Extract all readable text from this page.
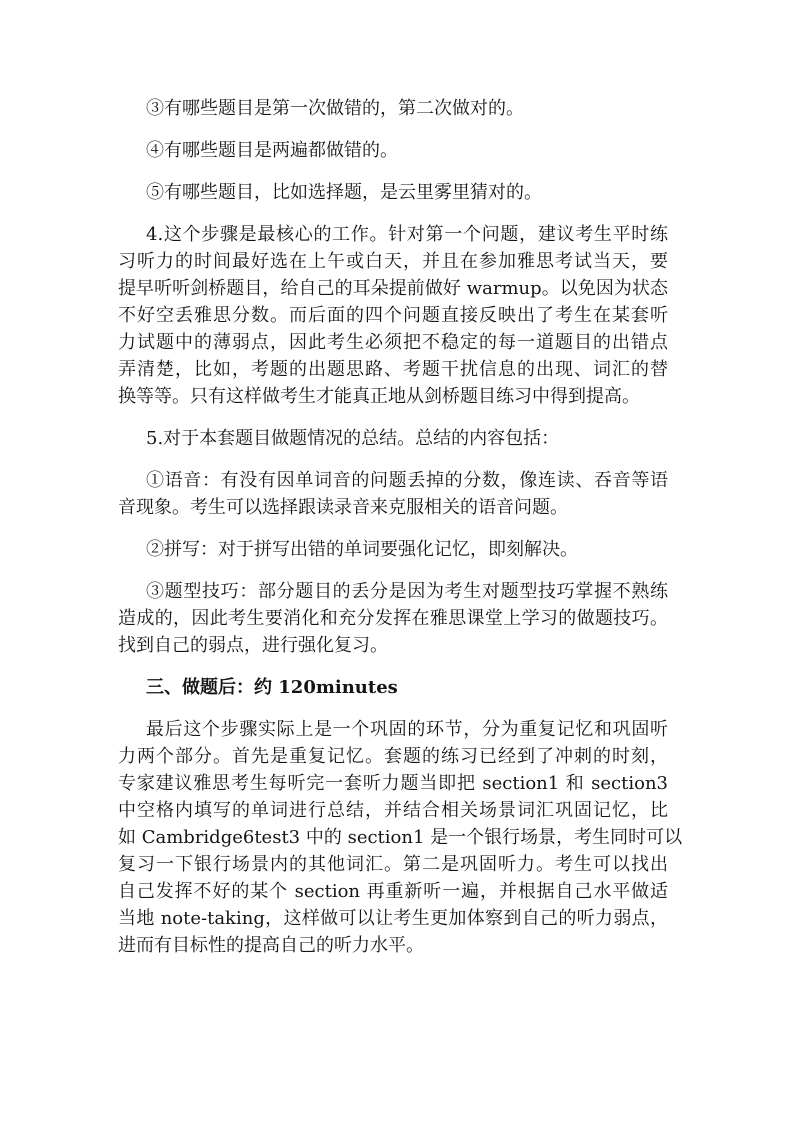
③有哪些题目是第一次做错的，第二次做对的。
④有哪些题目是两遍都做错的。
⑤有哪些题目，比如选择题，是云里雾里猜对的。
4.这个步骤是最核心的工作。针对第一个问题，建议考生平时练
习听力的时间最好选在上午或白天，并且在参加雅思考试当天，要
提早听听剑桥题目，给自己的耳朵提前做好 warmup。以免因为状态
不好空丢雅思分数。而后面的四个问题直接反映出了考生在某套听
力试题中的薄弱点，因此考生必须把不稳定的每一道题目的出错点
弄清楚，比如，考题的出题思路、考题干扰信息的出现、词汇的替
换等等。只有这样做考生才能真正地从剑桥题目练习中得到提高。
5.对于本套题目做题情况的总结。总结的内容包括：
①语音：有没有因单词音的问题丢掉的分数，像连读、吞音等语
音现象。考生可以选择跟读录音来克服相关的语音问题。
②拼写：对于拼写出错的单词要强化记忆，即刻解决。
③题型技巧：部分题目的丢分是因为考生对题型技巧掌握不熟练
造成的，因此考生要消化和充分发挥在雅思课堂上学习的做题技巧。
找到自己的弱点，进行强化复习。
三、做题后：约 120minutes
最后这个步骤实际上是一个巩固的环节，分为重复记忆和巩固听
力两个部分。首先是重复记忆。套题的练习已经到了冲刺的时刻，
专家建议雅思考生每听完一套听力题当即把 section1 和 section3
中空格内填写的单词进行总结，并结合相关场景词汇巩固记忆，比
如 Cambridge6test3 中的 section1 是一个银行场景，考生同时可以
复习一下银行场景内的其他词汇。第二是巩固听力。考生可以找出
自己发挥不好的某个 section 再重新听一遍，并根据自己水平做适
当地 note-taking，这样做可以让考生更加体察到自己的听力弱点，
进而有目标性的提高自己的听力水平。
